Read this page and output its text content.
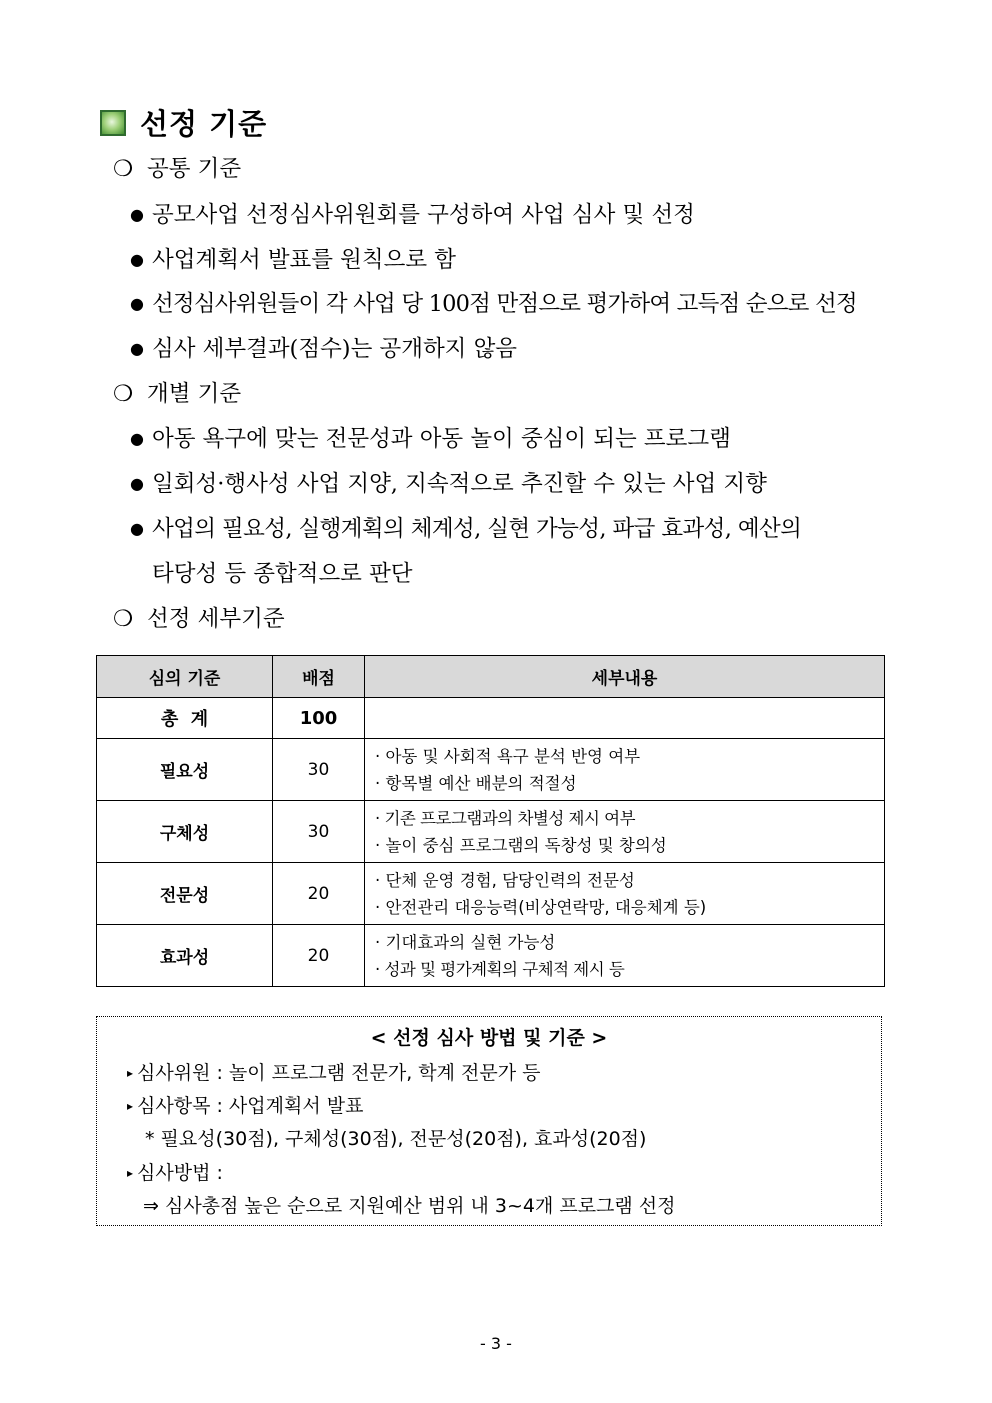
선정 기준
❍ 공통 기준
● 공모사업 선정심사위원회를 구성하여 사업 심사 및 선정
● 사업계획서 발표를 원칙으로 함
● 선정심사위원들이 각 사업 당 100점 만점으로 평가하여 고득점 순으로 선정
● 심사 세부결과(점수)는 공개하지 않음
❍ 개별 기준
● 아동 욕구에 맞는 전문성과 아동 놀이 중심이 되는 프로그램
● 일회성·행사성 사업 지양, 지속적으로 추진할 수 있는 사업 지향
● 사업의 필요성, 실행계획의 체계성, 실현 가능성, 파급 효과성, 예산의
타당성 등 종합적으로 판단
❍ 선정 세부기준
심의 기준	배점	세부내용
총  계	100	
필요성	30	· 아동 및 사회적 욕구 분석 반영 여부
· 항목별 예산 배분의 적절성

구체성	30	· 기존 프로그램과의 차별성 제시 여부
· 놀이 중심 프로그램의 독창성 및 창의성

전문성	20	· 단체 운영 경험, 담당인력의 전문성
· 안전관리 대응능력(비상연락망, 대응체계 등)

효과성	20	· 기대효과의 실현 가능성
· 성과 및 평가계획의 구체적 제시 등
< 선정 심사 방법 및 기준 >
▸ 심사위원 : 놀이 프로그램 전문가, 학계 전문가 등
▸ 심사항목 : 사업계획서 발표
* 필요성(30점), 구체성(30점), 전문성(20점), 효과성(20점)
▸ 심사방법 :
⇒ 심사총점 높은 순으로 지원예산 범위 내 3~4개 프로그램 선정
- 3 -
